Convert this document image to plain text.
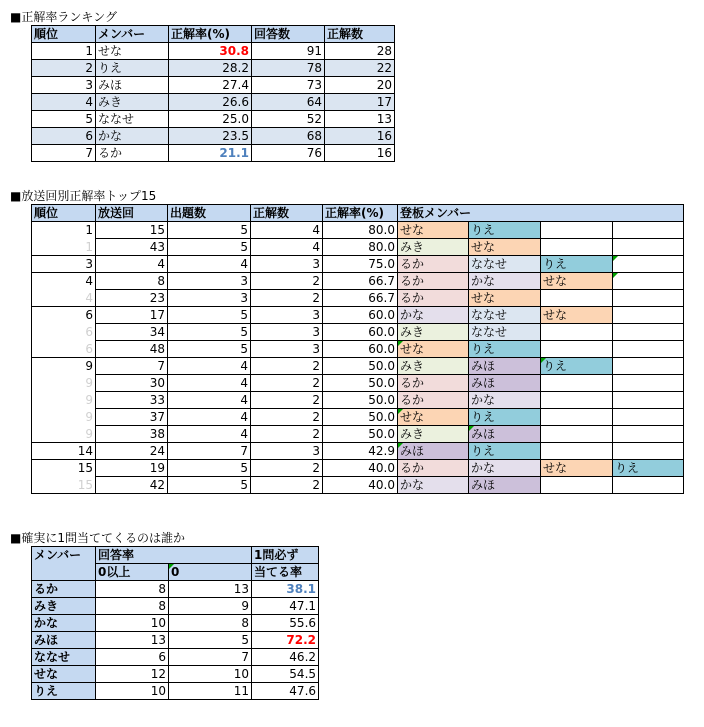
■正解率ランキング
順位	メンバー	正解率(%)	回答数	正解数
1	せな	30.8	91	28
2	りえ	28.2	78	22
3	みほ	27.4	73	20
4	みき	26.6	64	17
5	ななせ	25.0	52	13
6	かな	23.5	68	16
7	るか	21.1	76	16
■放送回別正解率トップ15
順位	放送回	出題数	正解数	正解率(%)	登板メンバー			
1	15	5	4	80.0	せな	りえ		
1	43	5	4	80.0	みき	せな		
3	4	4	3	75.0	るか	ななせ	りえ	
4	8	3	2	66.7	るか	かな	せな	
4	23	3	2	66.7	るか	せな		
6	17	5	3	60.0	かな	ななせ	せな	
6	34	5	3	60.0	みき	ななせ		
6	48	5	3	60.0	せな	りえ		
9	7	4	2	50.0	みき	みほ	りえ	
9	30	4	2	50.0	るか	みほ		
9	33	4	2	50.0	るか	かな		
9	37	4	2	50.0	せな	りえ		
9	38	4	2	50.0	みき	みほ		
14	24	7	3	42.9	みほ	りえ		
15	19	5	2	40.0	るか	かな	せな	りえ
15	42	5	2	40.0	かな	みほ		
■確実に1問当ててくるのは誰か
メンバー	回答率		1問必ず
	0以上	0	当てる率
るか	8	13	38.1
みき	8	9	47.1
かな	10	8	55.6
みほ	13	5	72.2
ななせ	6	7	46.2
せな	12	10	54.5
りえ	10	11	47.6
